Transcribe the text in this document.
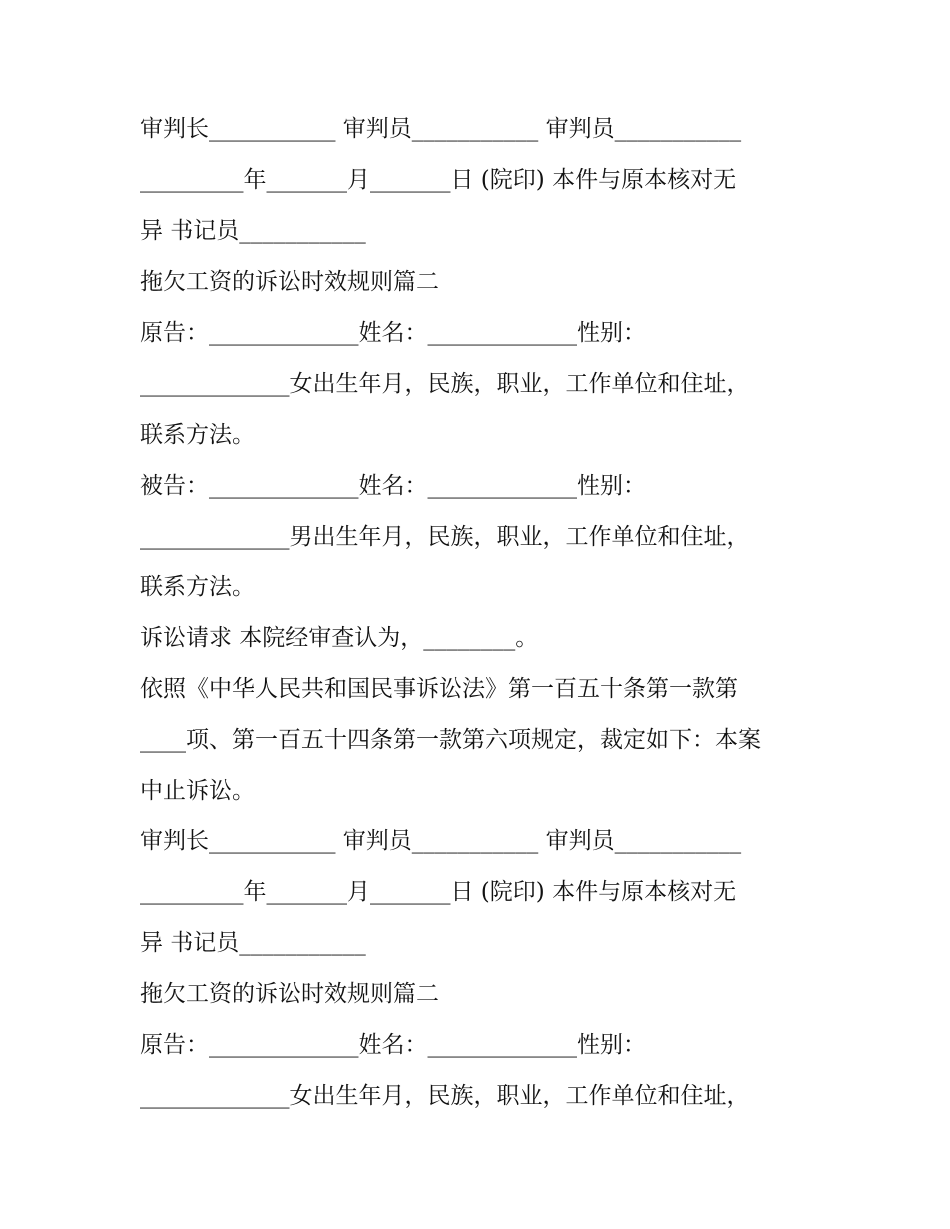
审判长___________ 审判员___________ 审判员___________
_________年_______月_______日 (院印) 本件与原本核对无
异 书记员___________
拖欠工资的诉讼时效规则篇二
原告：_____________姓名：_____________性别：
_____________女出生年月，民族，职业，工作单位和住址，
联系方法。
被告：_____________姓名：_____________性别：
_____________男出生年月，民族，职业，工作单位和住址，
联系方法。
诉讼请求 本院经审查认为，________。
依照《中华人民共和国民事诉讼法》第一百五十条第一款第
____项、第一百五十四条第一款第六项规定，裁定如下：本案
中止诉讼。
审判长___________ 审判员___________ 审判员___________
_________年_______月_______日 (院印) 本件与原本核对无
异 书记员___________
拖欠工资的诉讼时效规则篇二
原告：_____________姓名：_____________性别：
_____________女出生年月，民族，职业，工作单位和住址，
